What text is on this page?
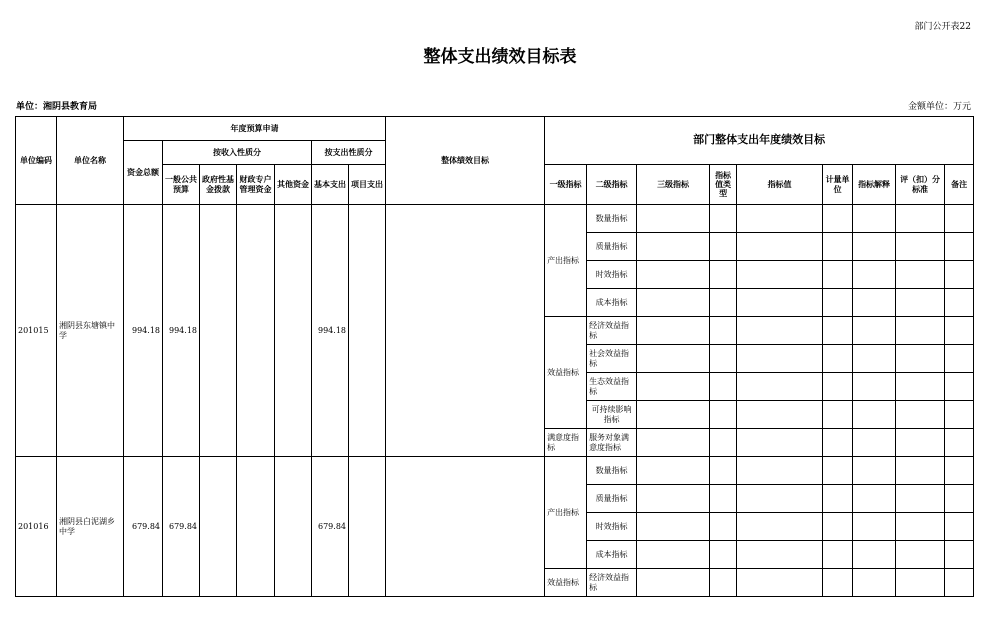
部门公开表22
整体支出绩效目标表
单位：湘阴县教育局	金额单位：万元
单位编码	单位名称	年度预算申请							整体绩效目标	部门整体支出年度绩效目标								
		资金总额	按收入性质分				按支出性质分											
			一般公共预算	政府性基金拨款	财政专户管理资金	其他资金	基本支出	项目支出		一级指标	二级指标	三级指标	指标值类型	指标值	计量单位	指标解释	评（扣）分标准	备注
201015	湘阴县东塘镇中学	994.18	994.18				994.18			产出指标	数量指标							
											质量指标							
											时效指标							
											成本指标							
										效益指标	经济效益指标							
											社会效益指标							
											生态效益指标							
											可持续影响指标							
										满意度指标	服务对象满意度指标							
201016	湘阴县白泥湖乡中学	679.84	679.84				679.84			产出指标	数量指标							
											质量指标							
											时效指标							
											成本指标							
										效益指标	经济效益指标							
